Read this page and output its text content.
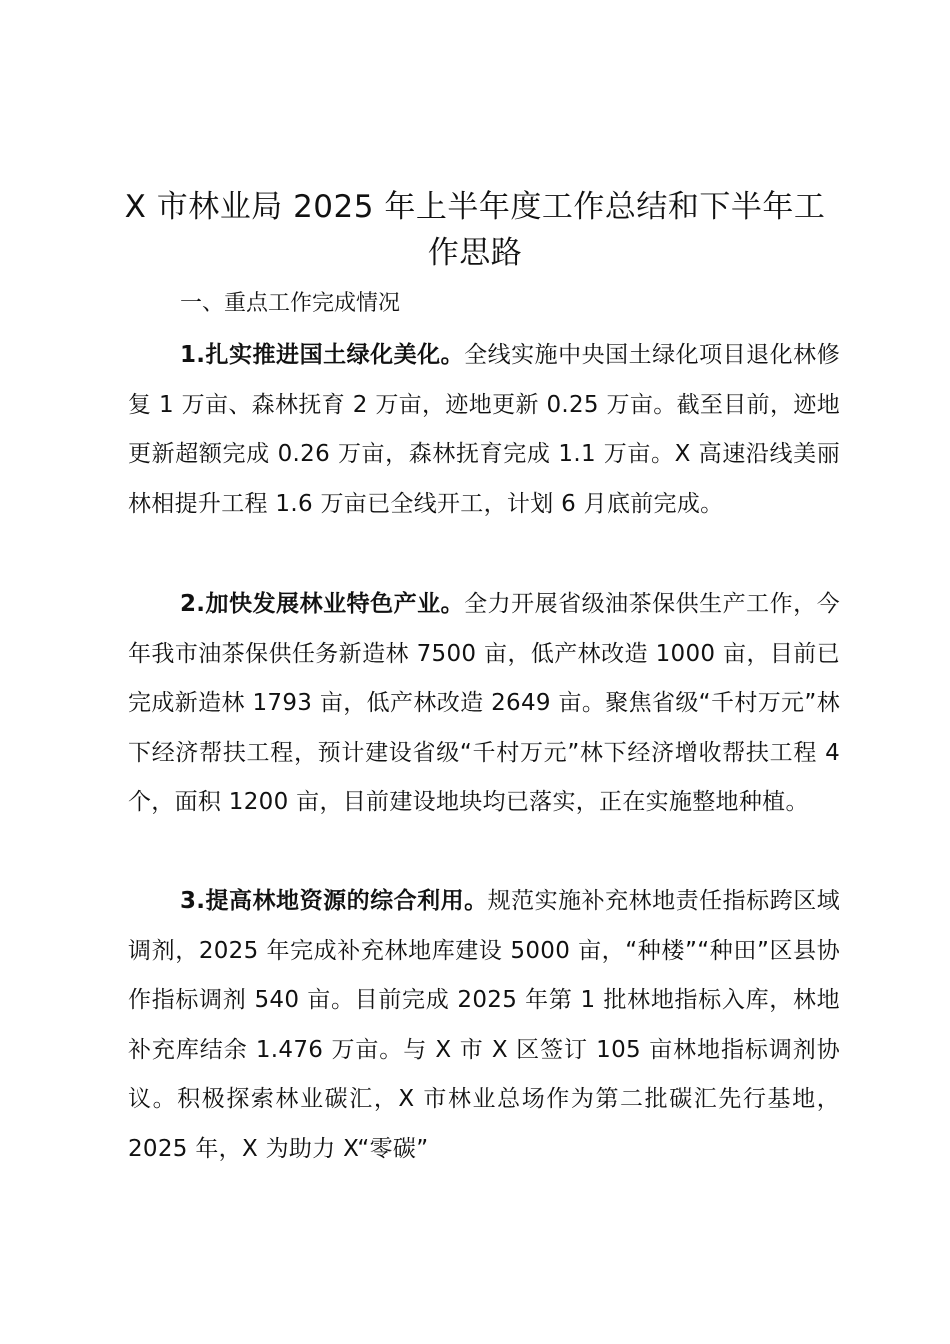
X 市林业局 2025 年上半年度工作总结和下半年工作思路

一、重点工作完成情况

1.扎实推进国土绿化美化。全线实施中央国土绿化项目退化林修复 1 万亩、森林抚育 2 万亩，迹地更新 0.25 万亩。截至目前，迹地更新超额完成 0.26 万亩，森林抚育完成 1.1 万亩。X 高速沿线美丽林相提升工程 1.6 万亩已全线开工，计划 6 月底前完成。

2.加快发展林业特色产业。全力开展省级油茶保供生产工作，今年我市油茶保供任务新造林 7500 亩，低产林改造 1000 亩，目前已完成新造林 1793 亩，低产林改造 2649 亩。聚焦省级“千村万元”林下经济帮扶工程，预计建设省级“千村万元”林下经济增收帮扶工程 4 个，面积 1200 亩，目前建设地块均已落实，正在实施整地种植。

3.提高林地资源的综合利用。规范实施补充林地责任指标跨区域调剂，2025 年完成补充林地库建设 5000 亩，“种楼”“种田”区县协作指标调剂 540 亩。目前完成 2025 年第 1 批林地指标入库，林地补充库结余 1.476 万亩。与 X 市 X 区签订 105 亩林地指标调剂协议。积极探索林业碳汇，X 市林业总场作为第二批碳汇先行基地，2025 年，X 为助力 X“零碳”
